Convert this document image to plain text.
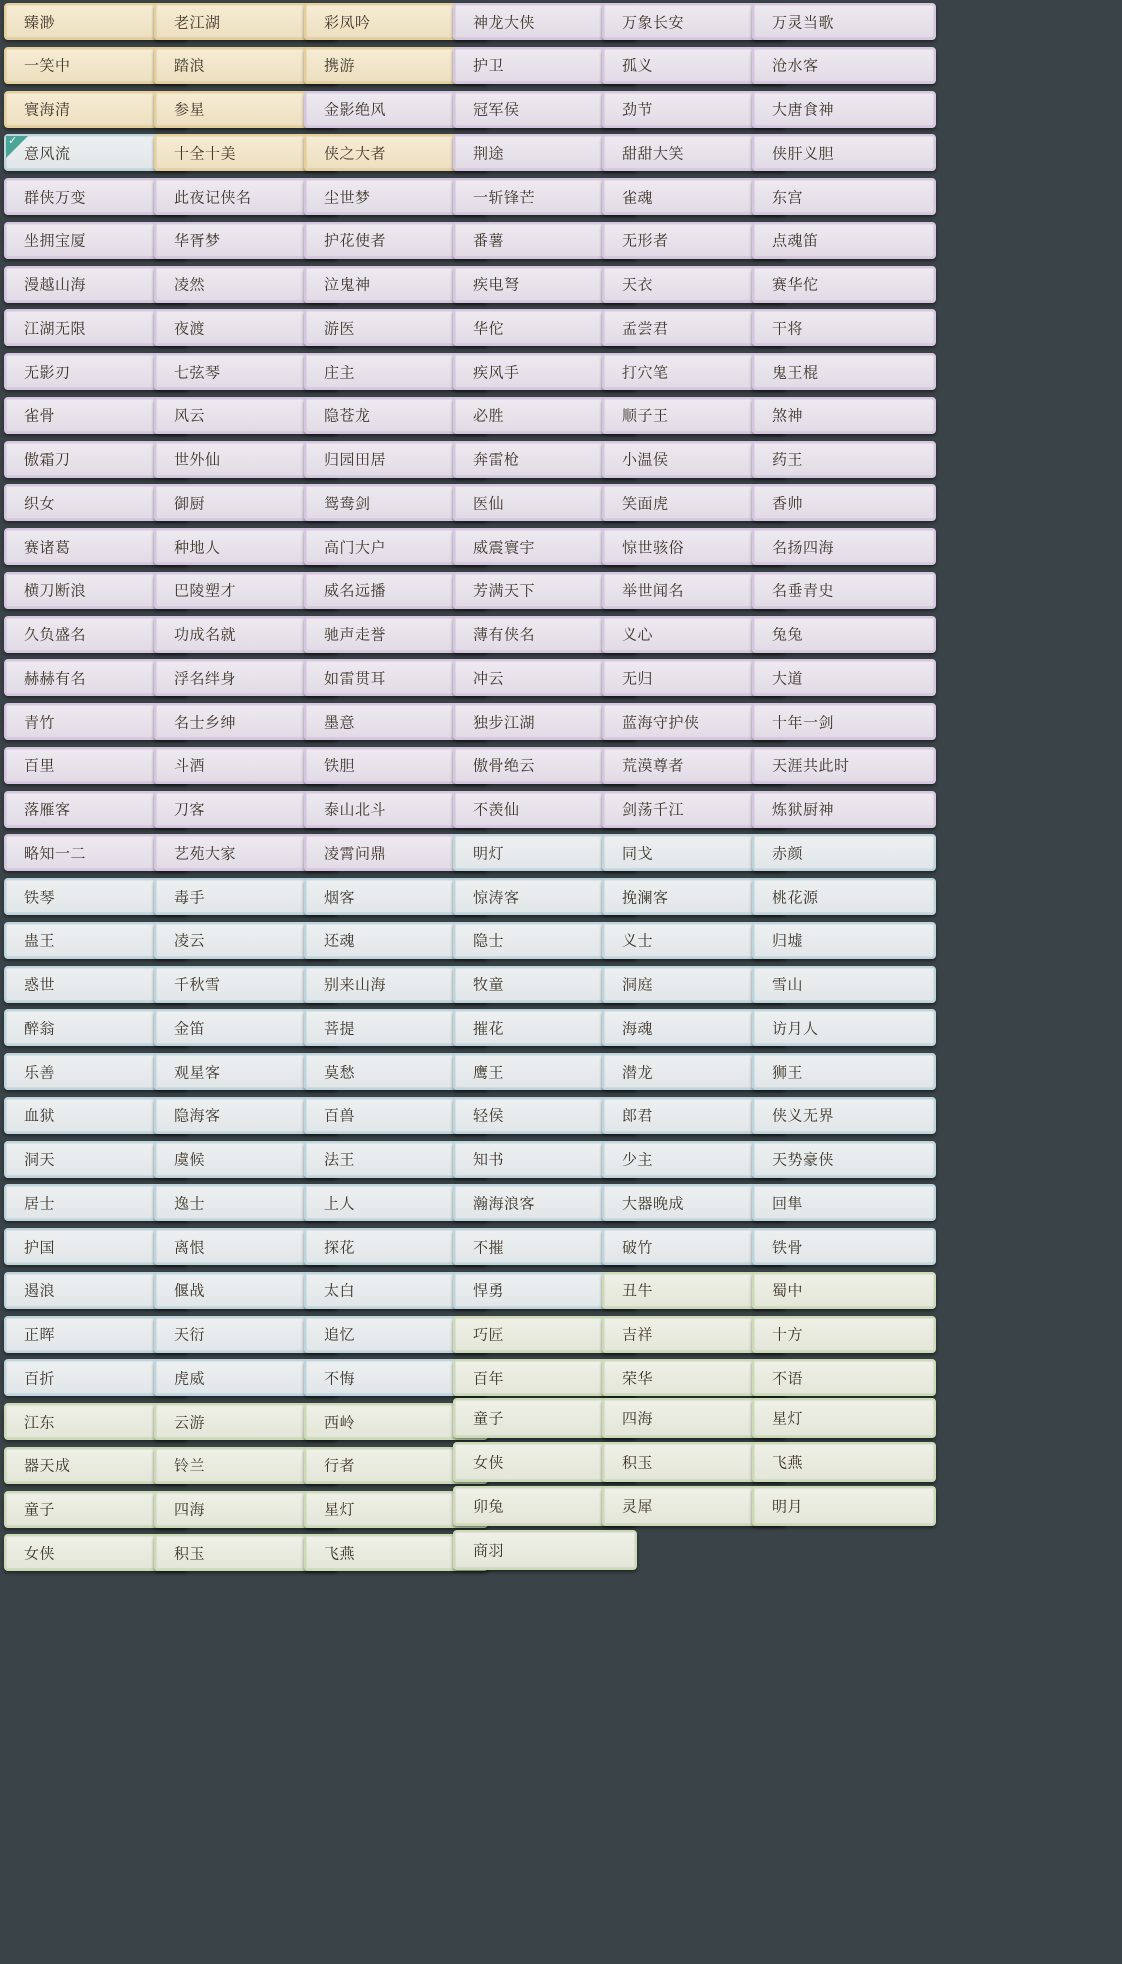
臻渺
一笑中
寰海清
✓
意风流
群侠万变
坐拥宝厦
漫越山海
江湖无限
无影刃
雀骨
傲霜刀
织女
赛诸葛
横刀断浪
久负盛名
赫赫有名
青竹
百里
落雁客
略知一二
铁琴
蛊王
惑世
醉翁
乐善
血狱
洞天
居士
护国
遏浪
正晖
百折
江东
器天成
童子
女侠
老江湖
踏浪
参星
十全十美
此夜记侠名
华胥梦
凌然
夜渡
七弦琴
风云
世外仙
御厨
种地人
巴陵塑才
功成名就
浮名绊身
名士乡绅
斗酒
刀客
艺苑大家
毒手
凌云
千秋雪
金笛
观星客
隐海客
虞候
逸士
离恨
偃战
天衍
虎威
云游
铃兰
四海
积玉
彩凤吟
携游
金影绝风
侠之大者
尘世梦
护花使者
泣鬼神
游医
庄主
隐苍龙
归园田居
鸳鸯剑
高门大户
威名远播
驰声走誉
如雷贯耳
墨意
铁胆
泰山北斗
凌霄问鼎
烟客
还魂
别来山海
菩提
莫愁
百兽
法王
上人
探花
太白
追忆
不悔
西岭
行者
星灯
飞燕
神龙大侠
护卫
冠军侯
荆途
一斩锋芒
番薯
疾电弩
华佗
疾风手
必胜
奔雷枪
医仙
威震寰宇
芳满天下
薄有侠名
冲云
独步江湖
傲骨绝云
不羡仙
明灯
惊涛客
隐士
牧童
摧花
鹰王
轻侯
知书
瀚海浪客
不摧
悍勇
巧匠
百年
童子
女侠
卯兔
商羽
万象长安
孤义
劲节
甜甜大笑
雀魂
无形者
天衣
孟尝君
打穴笔
顺子王
小温侯
笑面虎
惊世骇俗
举世闻名
义心
无归
蓝海守护侠
荒漠尊者
剑荡千江
同戈
挽澜客
义士
洞庭
海魂
潜龙
郎君
少主
大器晚成
破竹
丑牛
吉祥
荣华
四海
积玉
灵犀
万灵当歌
沧水客
大唐食神
侠肝义胆
东宫
点魂笛
赛华佗
干将
鬼王棍
煞神
药王
香帅
名扬四海
名垂青史
兔兔
大道
十年一剑
天涯共此时
炼狱厨神
赤颜
桃花源
归墟
雪山
访月人
狮王
侠义无界
天势豪侠
回隼
铁骨
蜀中
十方
不语
星灯
飞燕
明月
